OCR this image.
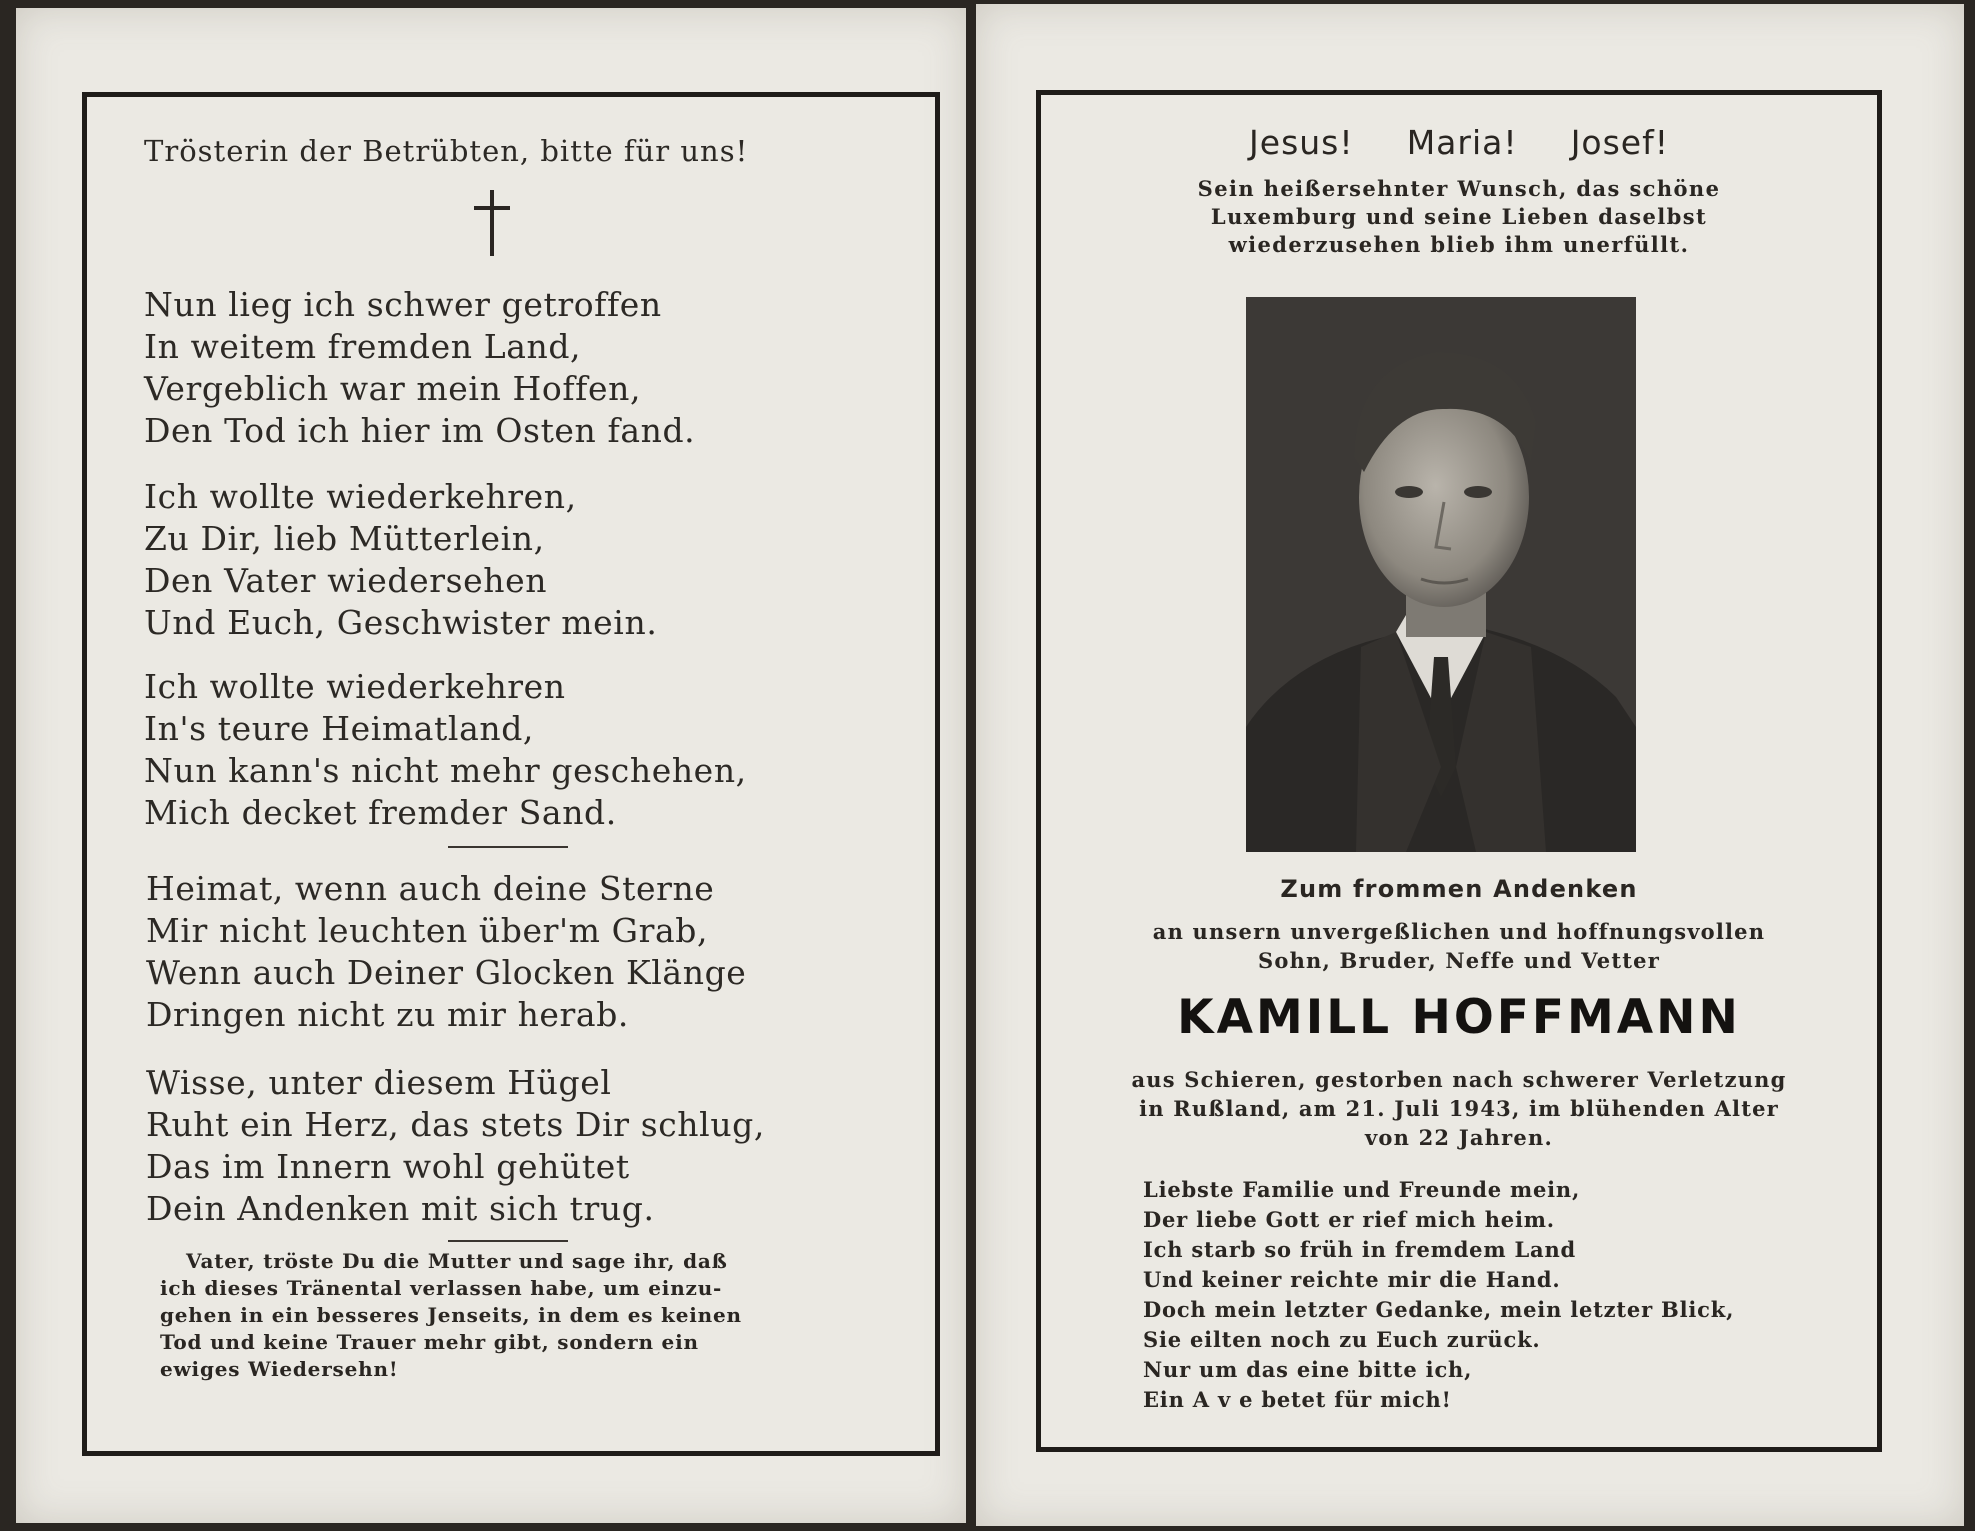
Trösterin der Betrübten, bitte für uns!
Nun lieg ich schwer getroffen
In weitem fremden Land,
Vergeblich war mein Hoffen,
Den Tod ich hier im Osten fand.
Ich wollte wiederkehren,
Zu Dir, lieb Mütterlein,
Den Vater wiedersehen
Und Euch, Geschwister mein.
Ich wollte wiederkehren
In's teure Heimatland,
Nun kann's nicht mehr geschehen,
Mich decket fremder Sand.
Heimat, wenn auch deine Sterne
Mir nicht leuchten über'm Grab,
Wenn auch Deiner Glocken Klänge
Dringen nicht zu mir herab.
Wisse, unter diesem Hügel
Ruht ein Herz, das stets Dir schlug,
Das im Innern wohl gehütet
Dein Andenken mit sich trug.
Vater, tröste Du die Mutter und sage ihr, daß
ich dieses Tränental verlassen habe, um einzu-
gehen in ein besseres Jenseits, in dem es keinen
Tod und keine Trauer mehr gibt, sondern ein
ewiges Wiedersehn!
Jesus! Maria! Josef!
Sein heißersehnter Wunsch, das schöne
Luxemburg und seine Lieben daselbst
wiederzusehen blieb ihm unerfüllt.
Zum frommen Andenken
an unsern unvergeßlichen und hoffnungsvollen
Sohn, Bruder, Neffe und Vetter
KAMILL HOFFMANN
aus Schieren, gestorben nach schwerer Verletzung
in Rußland, am 21. Juli 1943, im blühenden Alter
von 22 Jahren.
Liebste Familie und Freunde mein,
Der liebe Gott er rief mich heim.
Ich starb so früh in fremdem Land
Und keiner reichte mir die Hand.
Doch mein letzter Gedanke, mein letzter Blick,
Sie eilten noch zu Euch zurück.
Nur um das eine bitte ich,
Ein A v e betet für mich!
